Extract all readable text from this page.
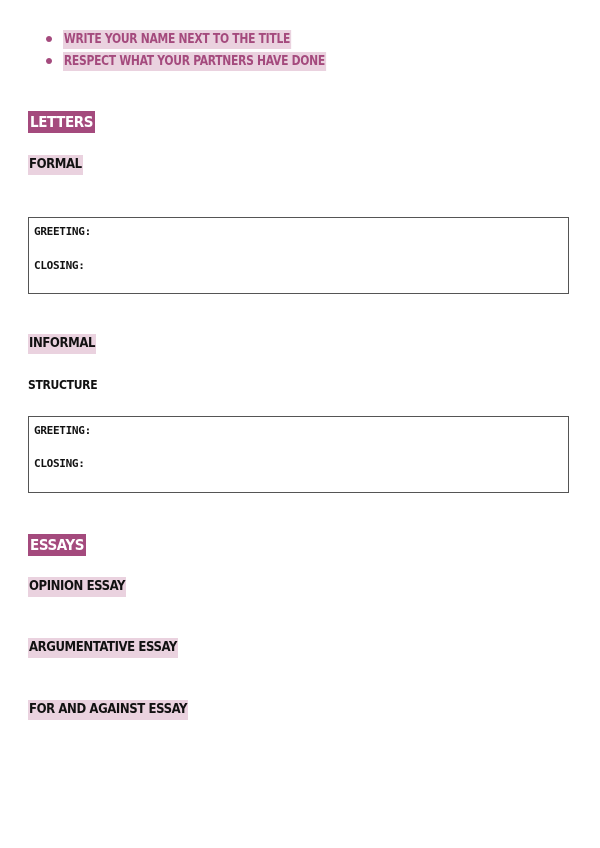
WRITE YOUR NAME NEXT TO THE TITLE
RESPECT WHAT YOUR PARTNERS HAVE DONE
LETTERS
FORMAL
GREETING:
CLOSING:
INFORMAL
STRUCTURE
GREETING:
CLOSING:
ESSAYS
OPINION ESSAY
ARGUMENTATIVE ESSAY
FOR AND AGAINST ESSAY
